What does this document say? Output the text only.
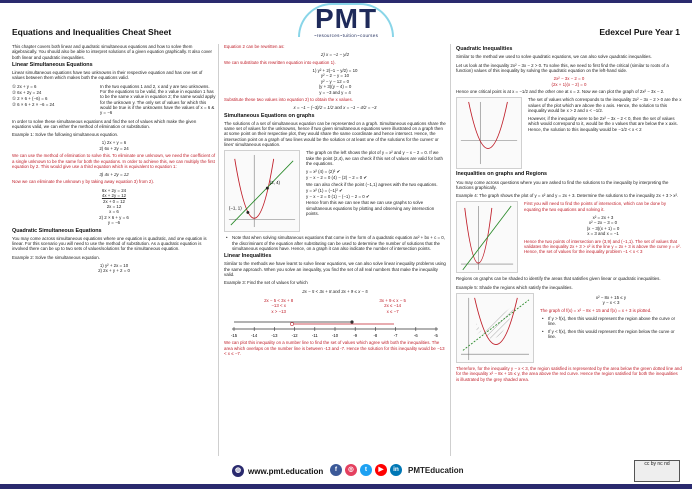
Equations and Inequalities Cheat Sheet	Edexcel Pure Year 1
PMT
~resources~tuition~courses
This chapter covers both linear and quadratic simultaneous equations and how to solve them algebraically. You should also be able to interpret solutions of a given equation graphically. It also cover both linear and quadratic inequalities.
Linear Simultaneous Equations
Linear simultaneous equations have two unknowns in their respective equation and has one set of values between them which makes both the equations valid.
① 2x + y = 6
② 6x + 2y = 24
① 2 × 6 + (−6) = 6
② 6 × 6 + 2 × −6 = 24
In the two equations 1 and 2, x and y are two unknowns. For the equations to be valid, the x value in equation 1 has to be the same x value in equation 2; the same would apply for the unknown y. The only set of values for which this would be true is if the unknowns have the values of x = 6 & y = −6
In order to solve these simultaneous equations and find the set of values which make the given equations valid, we can either the method of elimination or substitution.
Example 1: Solve the following simultaneous equation.
1) 2x + y = 6
2) 6x + 2y = 24
We can use the method of elimination to solve this. To eliminate one unknown, we need the coefficient of a single unknown to be the same for both the equations. In order to achieve this, we can multiply the first equation by 2. This would give use a third equation which is equivalent to equation 1:
3) 4x + 2y = 12
Now we can eliminate the unknown y by taking away equation 3) from 2).
6x + 2y = 24
4x + 2y = 12
2x + 0 = 12
2x = 12
x = 6
2) 2 × 6 + y = 6
y = −6
Quadratic Simultaneous Equations
You may come across simultaneous equations where one equation is quadratic, and one equation is linear. For this scenario you will need to use the method of substitution. As a quadratic equation is involved there can be up to two sets of values/solutions for the simultaneous equation.
Example 2: Solve the simultaneous equation.
1) y² + 2x = 10
2) 2x + y + 2 = 0
Equation 2 can be rewritten as:
2) x = −1 − y/2
We can substitute this rewritten equation into equation 1).
1) y² + 2(−1 − y/2) = 10
y² − 2 − y = 10
y² − y − 12 = 0
(y + 3)(y − 4) = 0
y = −3 and y = 4
Substitute these two values into equation 2) to obtain the x values.
x = −1 − (−3)/2 = 1/2 and x = −1 − 4/2 = −3
Simultaneous Equations on graphs
The solutions of a set of simultaneous equation can be represented on a graph. Simultaneous equations share the same set of values for the unknowns, hence if two given simultaneous equations were illustrated on a graph then at some point on their respective plot, they would share the same coordinate and hence intersect. Hence, the intersection point on a graph of two lines would be the solution or at least one of the solutions for the curves' or lines' simultaneous equation.
(2, 4)
(−1, 1)
The graph on the left shows the plot of y = x² and y − x − 2 = 0. If we take the point (2,4), we can check if this set of values are valid for both the equations.
y = x² (4) = (2)² ✔
y − x − 2 = 0 (4) − (2) − 2 = 0 ✔
We can also check if the point (−1,1) agrees with the two equations.
y = x² (1) = (−1)² ✔
y − x − 2 = 0 (1) − (−1) − 2 = 0 ✔
Hence from this we can see that we can use graphs to solve simultaneous equations by plotting and observing any intersection points.
• Note that when solving simultaneous equations that come in the form of a quadratic equation ax² + bx + c = 0, the discriminant of the equation after substituting can be used to determine the number of solutions that the simultaneous equations have. Hence, on a graph it can also indicate the number of intersection points.
Linear Inequalities
Similar to the methods we have learnt to solve linear equations, we can also solve linear inequality problems using the same approach. When you solve an inequality, you find the set of all real numbers that make the inequality valid.
Example 3: Find the set of values for which
2x − 5 < 3x + 8 and 3x + 9 ≤ x − 5
2x − 5 < 3x + 8
−13 < x
x > −13
3x + 9 ≤ x − 5
2x ≤ −14
x ≤ −7
-15	-14	-13	-12	-11	-10	-9	-8	-7	-6	-5
We can plot this inequality on a number line to find the set of values which agree with both the inequalities. The area which overlaps on the number line is between -13 and -7. Hence the solution for this inequality would be −13 < x ≤ −7.
Quadratic Inequalities
Similar to the method we used to solve quadratic equations, we can also solve quadratic inequalities.
Let us look at the inequality 2x² − 3x − 2 > 0. To solve this, we need to first find the critical (similar to roots of a function) values of this inequality by solving the quadratic equation on the left-hand side.
2x² − 3x − 2 = 0
(2x + 1)(x − 2) = 0
Hence one critical point is at x = −1/2 and the other one at x = 2. Now we can plot the graph of 2x² − 3x − 2.
The set of values which corresponds to the inequality 2x² − 3x − 2 > 0 are the x values of the plot which are above the x axis. Hence, the solution to this inequality would be x > 2 and x < −1/2.
However, if the inequality were to be 2x² − 3x − 2 < 0, then the set of values which would correspond to it, would be the x values that are below the x axis. Hence, the solution to this inequality would be −1/2 < x < 2
Inequalities on graphs and Regions
You may come across questions where you are asked to find the solutions to the inequality by interpreting the functions graphically.
Example 4: The graph shows the plot of y = x² and y = 2x + 3. Determine the solutions to the inequality 2x + 3 > x².
First you will need to find the points of intersection, which can be done by equating the two equations and solving it.
x² = 2x + 3
x² − 2x − 3 = 0
(x − 3)(x + 1) = 0
x = 3 and x = −1
Hence the two points of intersection are (3,9) and (−1,1). The set of values that validates the inequality 2x + 3 > x² is the line y = 2x + 3 is above the curve y = x². Hence, the set of values for the inequality problem −1 < x < 3
Regions on graphs can be shaded to identify the areas that satisfies given linear or quadratic inequalities.
Example 5: Shade the regions which satisfy the inequalities.
x² − 8x + 15 ≤ y
y − x < 3
The graph of f(x) = x² − 8x + 15 and f(x) = x + 3 is plotted.
• If y > f(x), then this would represent the region above the curve or line.
• If y < f(x), then this would represent the region below the curve or line.
Therefore, for the inequality y − x < 3, the region satisfied is represented by the area below the green dotted line and for the inequality x² − 8x + 15 ≤ y, the area above the red curve. Hence the region satisfied for both the inequalities is illustrated by the grey shaded area.
◍ www.pmt.education	f	◎	t	▶	in	PMTEducation
cc by nc nd
